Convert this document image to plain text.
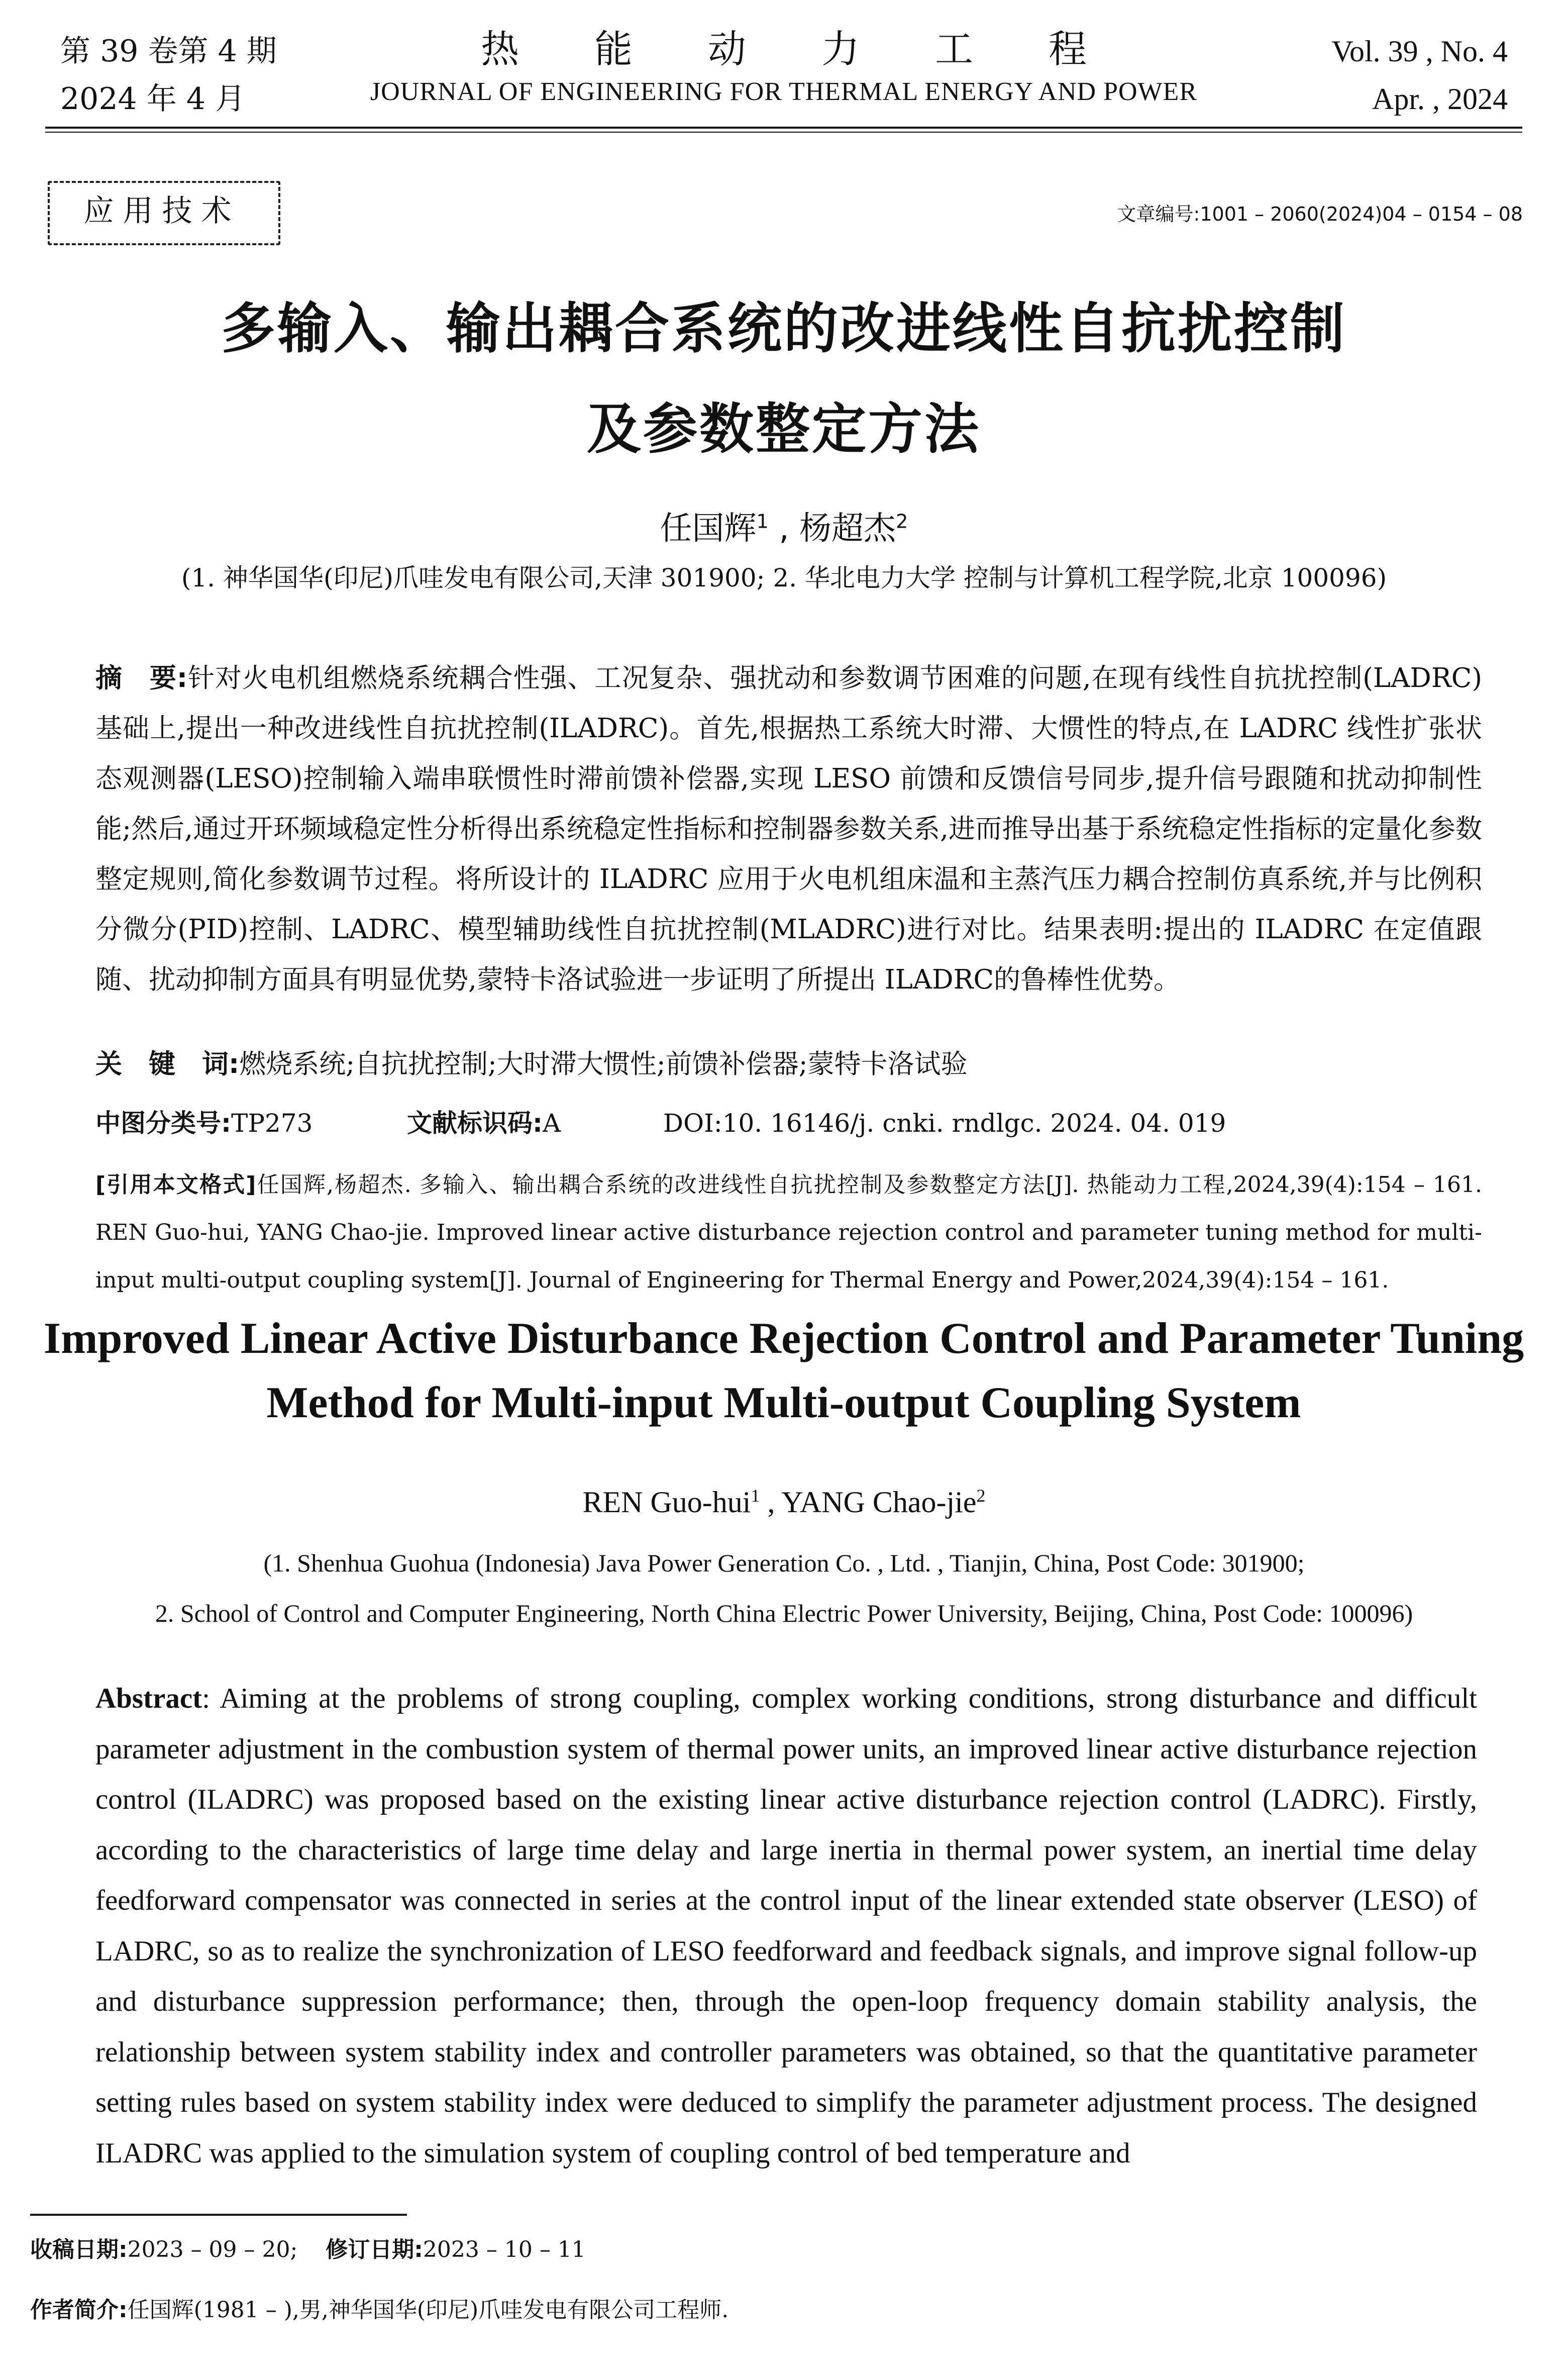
第 39 卷第 4 期
2024 年 4 月
热能动力工程
JOURNAL OF ENGINEERING FOR THERMAL ENERGY AND POWER
Vol. 39 , No. 4
Apr. , 2024
应用技术	文章编号:1001 – 2060(2024)04 – 0154 – 08
多输入、输出耦合系统的改进线性自抗扰控制
及参数整定方法
任国辉$^1$ , 杨超杰$^2$
(1. 神华国华(印尼)爪哇发电有限公司,天津 301900; 2. 华北电力大学 控制与计算机工程学院,北京 100096)
摘　要:针对火电机组燃烧系统耦合性强、工况复杂、强扰动和参数调节困难的问题,在现有线性自抗扰控制(LADRC)基础上,提出一种改进线性自抗扰控制(ILADRC)。首先,根据热工系统大时滞、大惯性的特点,在 LADRC 线性扩张状态观测器(LESO)控制输入端串联惯性时滞前馈补偿器,实现 LESO 前馈和反馈信号同步,提升信号跟随和扰动抑制性能;然后,通过开环频域稳定性分析得出系统稳定性指标和控制器参数关系,进而推导出基于系统稳定性指标的定量化参数整定规则,简化参数调节过程。将所设计的 ILADRC 应用于火电机组床温和主蒸汽压力耦合控制仿真系统,并与比例积分微分(PID)控制、LADRC、模型辅助线性自抗扰控制(MLADRC)进行对比。结果表明:提出的 ILADRC 在定值跟随、扰动抑制方面具有明显优势,蒙特卡洛试验进一步证明了所提出 ILADRC的鲁棒性优势。
关　键　词:燃烧系统;自抗扰控制;大时滞大惯性;前馈补偿器;蒙特卡洛试验
中图分类号:TP273	文献标识码:A	DOI:10. 16146/j. cnki. rndlgc. 2024. 04. 019
[引用本文格式]任国辉,杨超杰. 多输入、输出耦合系统的改进线性自抗扰控制及参数整定方法[J]. 热能动力工程,2024,39(4):154 – 161. REN Guo-hui, YANG Chao-jie. Improved linear active disturbance rejection control and parameter tuning method for multi-input multi-output coupling system[J]. Journal of Engineering for Thermal Energy and Power,2024,39(4):154 – 161.
Improved Linear Active Disturbance Rejection Control and Parameter Tuning
Method for Multi-input Multi-output Coupling System
REN Guo-hui$^1$ , YANG Chao-jie$^2$
(1. Shenhua Guohua (Indonesia) Java Power Generation Co. , Ltd. , Tianjin, China, Post Code: 301900;
2. School of Control and Computer Engineering, North China Electric Power University, Beijing, China, Post Code: 100096)
Abstract: Aiming at the problems of strong coupling, complex working conditions, strong disturbance and difficult parameter adjustment in the combustion system of thermal power units, an improved linear active disturbance rejection control (ILADRC) was proposed based on the existing linear active disturbance rejection control (LADRC). Firstly, according to the characteristics of large time delay and large inertia in thermal power system, an inertial time delay feedforward compensator was connected in series at the control input of the linear extended state observer (LESO) of LADRC, so as to realize the synchronization of LESO feedforward and feedback signals, and improve signal follow-up and disturbance suppression performance; then, through the open-loop frequency domain stability analysis, the relationship between system stability index and controller parameters was obtained, so that the quantitative parameter setting rules based on system stability index were deduced to simplify the parameter adjustment process. The designed ILADRC was applied to the simulation system of coupling control of bed temperature and
收稿日期:2023 – 09 – 20; 修订日期:2023 – 10 – 11
作者简介:任国辉(1981 – ),男,神华国华(印尼)爪哇发电有限公司工程师.
